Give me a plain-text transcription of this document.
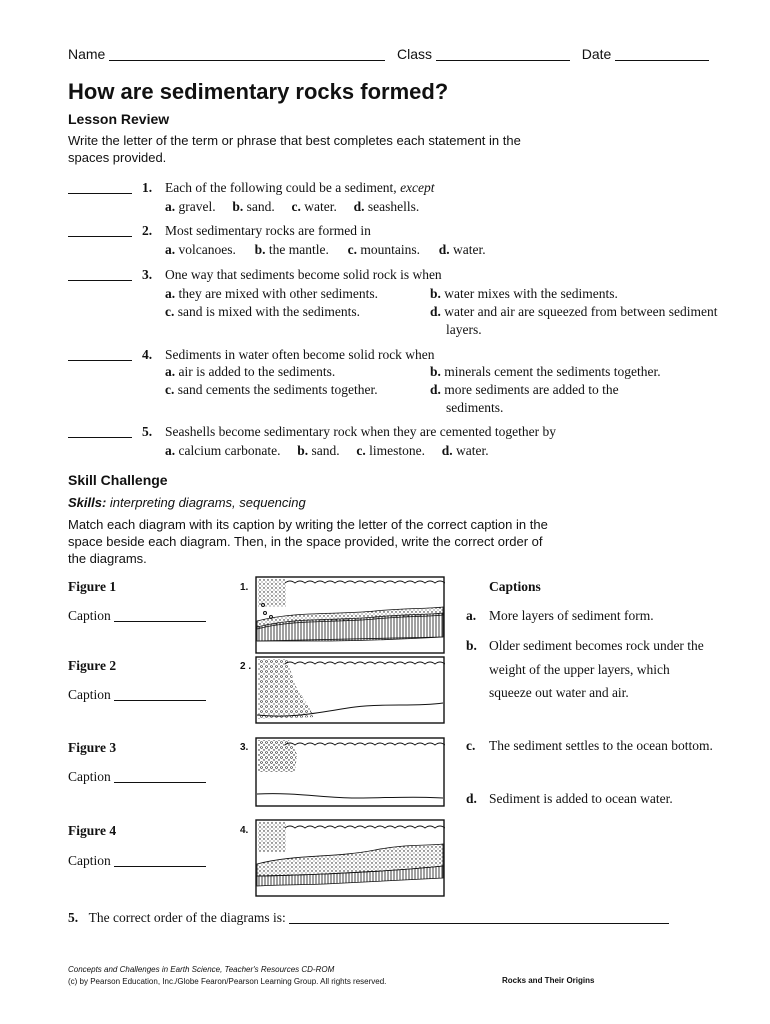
Name	Class	Date
How are sedimentary rocks formed?
Lesson Review
Write the letter of the term or phrase that best completes each statement in the spaces provided.
1. Each of the following could be a sediment, except
a. gravel. b. sand. c. water. d. seashells.
2. Most sedimentary rocks are formed in
a. volcanoes. b. the mantle. c. mountains. d. water.
3. One way that sediments become solid rock is when
a. they are mixed with other sediments.	b. water mixes with the sediments.
c. sand is mixed with the sediments.	d. water and air are squeezed from between sediment layers.
4. Sediments in water often become solid rock when
a. air is added to the sediments.	b. minerals cement the sediments together.
c. sand cements the sediments together.	d. more sediments are added to the sediments.
5. Seashells become sedimentary rock when they are cemented together by
a. calcium carbonate. b. sand. c. limestone. d. water.
Skill Challenge
Skills: interpreting diagrams, sequencing
Match each diagram with its caption by writing the letter of the correct caption in the space beside each diagram. Then, in the space provided, write the correct order of the diagrams.
Figure 1
Caption
Figure 2
Caption
Figure 3
Caption
Figure 4
Caption
1.
2 .
3.
4.
Captions
a. More layers of sediment form.
b. Older sediment becomes rock under the weight of the upper layers, which squeeze out water and air.
c. The sediment settles to the ocean bottom.
d. Sediment is added to ocean water.
5. The correct order of the diagrams is:
Concepts and Challenges in Earth Science, Teacher's Resources CD-ROM
(c) by Pearson Education, Inc./Globe Fearon/Pearson Learning Group. All rights reserved.	Rocks and Their Origins
